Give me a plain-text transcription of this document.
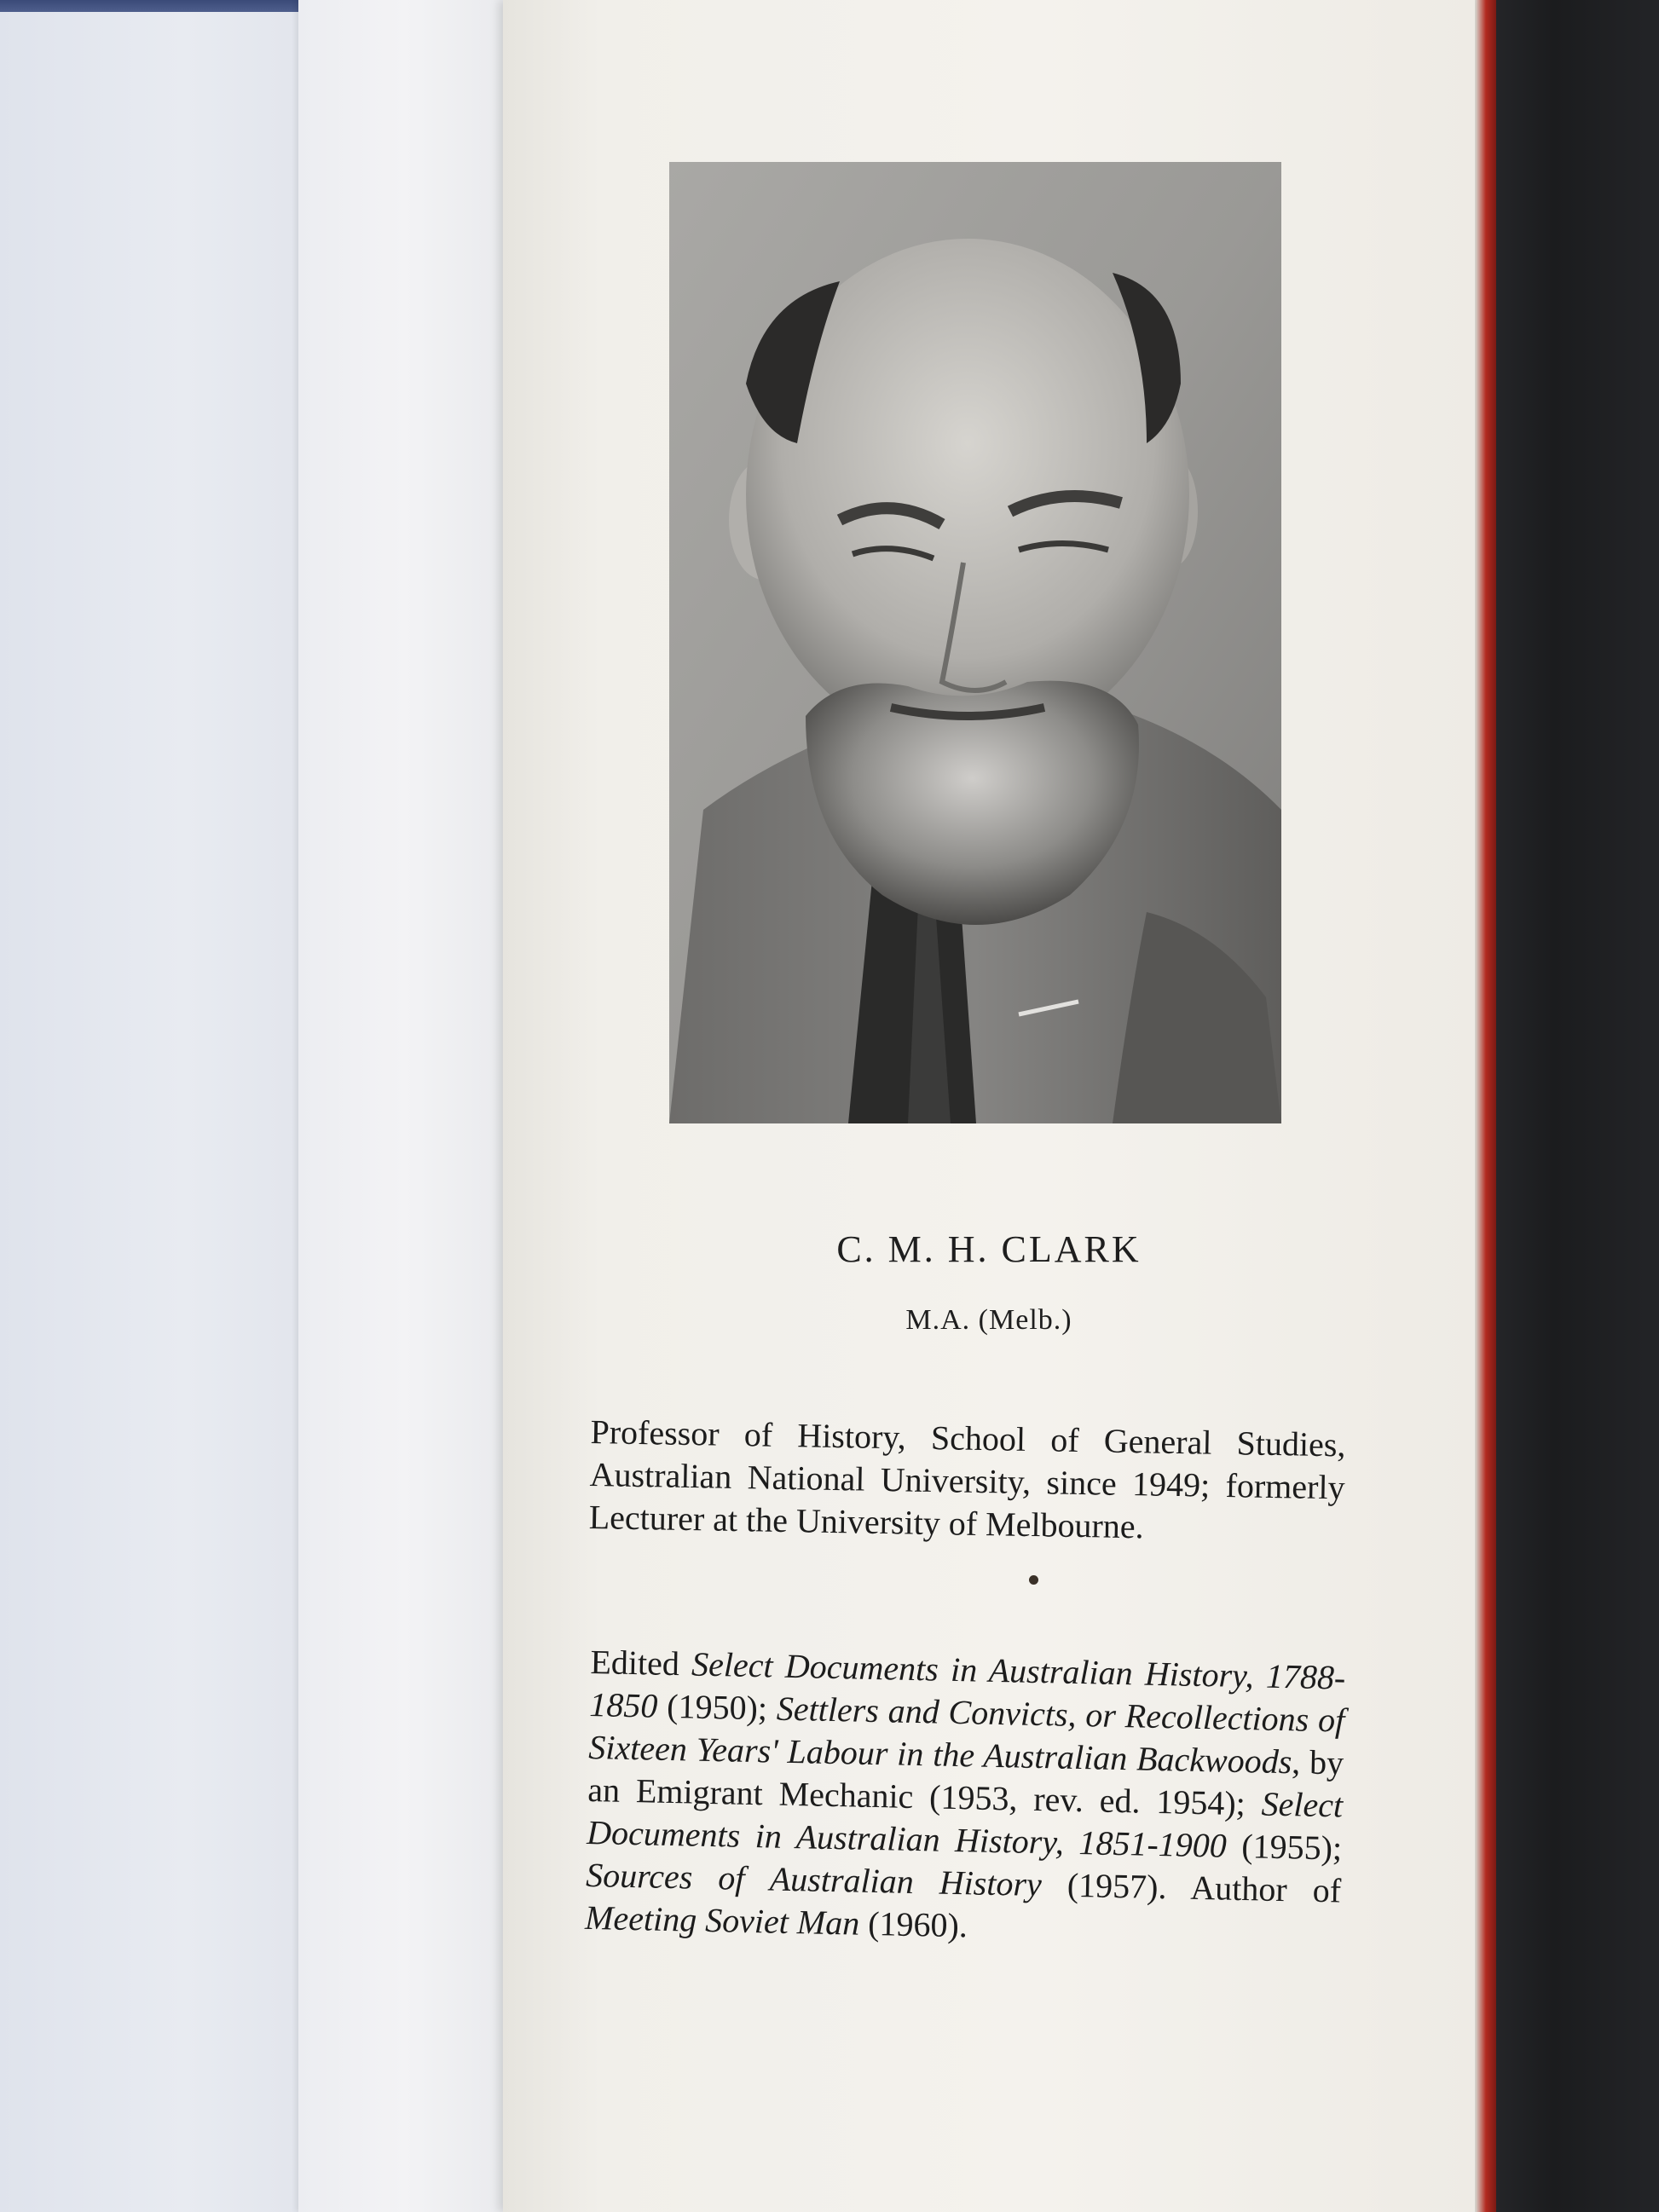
C. M. H. CLARK
M.A. (Melb.)
Professor of History, School of General Studies, Australian National University, since 1949; formerly Lecturer at the University of Melbourne.
Edited Select Documents in Australian History, 1788-1850 (1950); Settlers and Convicts, or Recollections of Sixteen Years' Labour in the Australian Backwoods, by an Emigrant Mechanic (1953, rev. ed. 1954); Select Documents in Australian History, 1851-1900 (1955); Sources of Australian History (1957). Author of Meeting Soviet Man (1960).
